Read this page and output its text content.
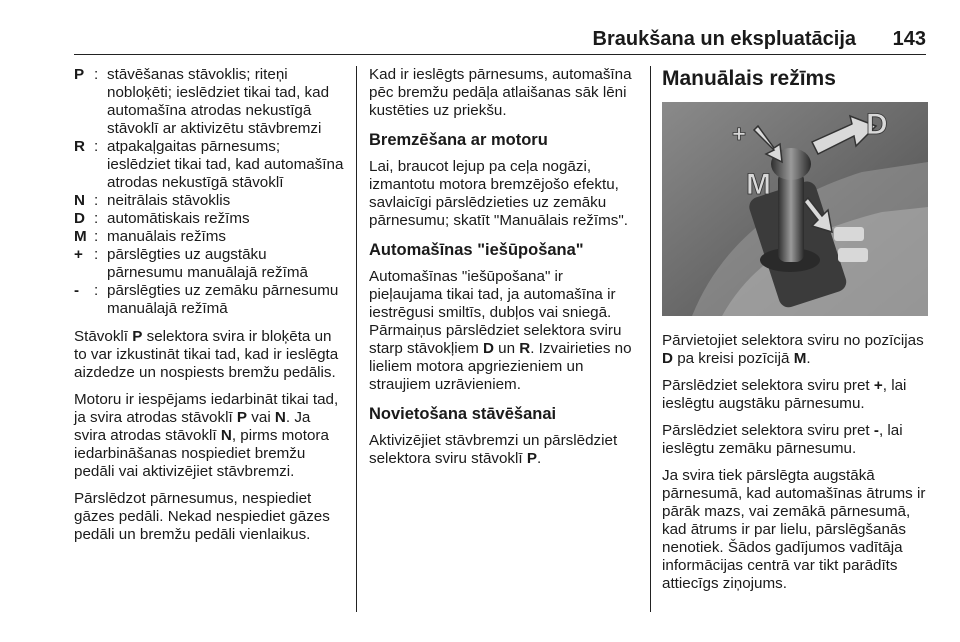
Braukšana un ekspluatācija 143
P : stāvēšanas stāvoklis; riteņi nobloķēti; ieslēdziet tikai tad, kad automašīna atrodas nekustīgā stāvoklī ar aktivizētu stāvbremzi
R : atpakaļgaitas pārnesums; ieslēdziet tikai tad, kad automašīna atrodas nekustīgā stāvoklī
N : neitrālais stāvoklis
D : automātiskais režīms
M : manuālais režīms
+ : pārslēgties uz augstāku pārnesumu manuālajā režīmā
- : pārslēgties uz zemāku pārnesumu manuālajā režīmā

Stāvoklī P selektora svira ir bloķēta un to var izkustināt tikai tad, kad ir ieslēgta aizdedze un nospiests bremžu pedālis.

Motoru ir iespējams iedarbināt tikai tad, ja svira atrodas stāvoklī P vai N. Ja svira atrodas stāvoklī N, pirms motora iedarbināšanas nospiediet bremžu pedāli vai aktivizējiet stāvbremzi.

Pārslēdzot pārnesumus, nespiediet gāzes pedāli. Nekad nespiediet gāzes pedāli un bremžu pedāli vienlaikus.

Kad ir ieslēgts pārnesums, automašīna pēc bremžu pedāļa atlaišanas sāk lēni kustēties uz priekšu.

Bremzēšana ar motoru

Lai, braucot lejup pa ceļa nogāzi, izmantotu motora bremzējošo efektu, savlaicīgi pārslēdzieties uz zemāku pārnesumu; skatīt "Manuālais režīms".

Automašīnas "iešūpošana"

Automašīnas "iešūpošana" ir pieļaujama tikai tad, ja automašīna ir iestrēgusi smiltīs, dubļos vai sniegā. Pārmaiņus pārslēdziet selektora sviru starp stāvokļiem D un R. Izvairieties no lieliem motora apgriezieniem un straujiem uzrāvieniem.

Novietošana stāvēšanai

Aktivizējiet stāvbremzi un pārslēdziet selektora sviru stāvoklī P.

Manuālais režīms
+	D
M

Pārvietojiet selektora sviru no pozīcijas D pa kreisi pozīcijā M.

Pārslēdziet selektora sviru pret +, lai ieslēgtu augstāku pārnesumu.

Pārslēdziet selektora sviru pret -, lai ieslēgtu zemāku pārnesumu.

Ja svira tiek pārslēgta augstākā pārnesumā, kad automašīnas ātrums ir pārāk mazs, vai zemākā pārnesumā, kad ātrums ir par lielu, pārslēgšanās nenotiek. Šādos gadījumos vadītāja informācijas centrā var tikt parādīts attiecīgs ziņojums.
